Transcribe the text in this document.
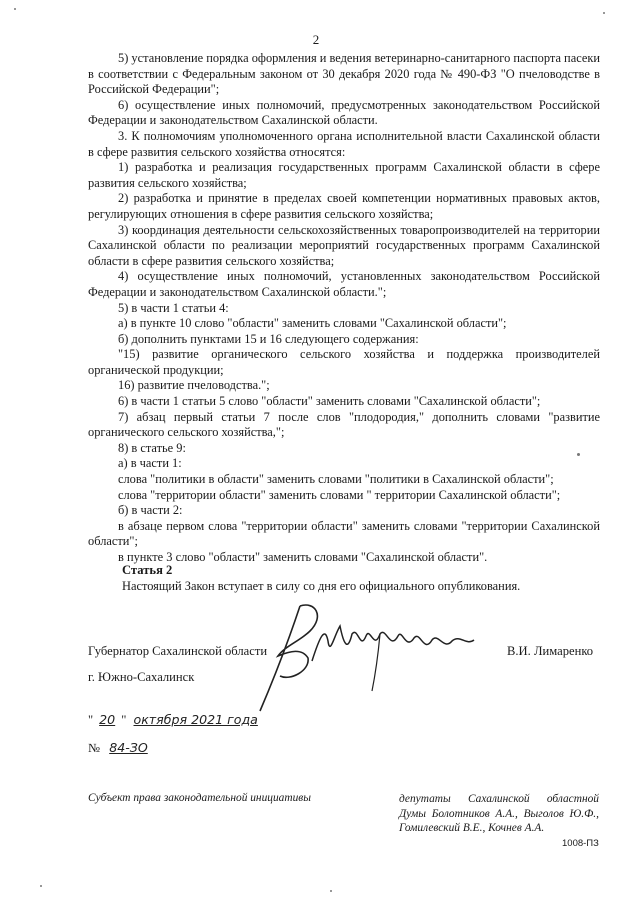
2

5) установление порядка оформления и ведения ветеринарно-санитарного паспорта пасеки в соответствии с Федеральным законом от 30 декабря 2020 года № 490-ФЗ "О пчеловодстве в Российской Федерации";

6) осуществление иных полномочий, предусмотренных законодательством Российской Федерации и законодательством Сахалинской области.

3. К полномочиям уполномоченного органа исполнительной власти Сахалинской области в сфере развития сельского хозяйства относятся:

1) разработка и реализация государственных программ Сахалинской области в сфере развития сельского хозяйства;

2) разработка и принятие в пределах своей компетенции нормативных правовых актов, регулирующих отношения в сфере развития сельского хозяйства;

3) координация деятельности сельскохозяйственных товаропроизводителей на территории Сахалинской области по реализации мероприятий государственных программ Сахалинской области в сфере развития сельского хозяйства;

4) осуществление иных полномочий, установленных законодательством Российской Федерации и законодательством Сахалинской области.";

5) в части 1 статьи 4:

а) в пункте 10 слово "области" заменить словами "Сахалинской области";

б) дополнить пунктами 15 и 16 следующего содержания:

"15) развитие органического сельского хозяйства и поддержка производителей органической продукции;

16) развитие пчеловодства.";

6) в части 1 статьи 5 слово "области" заменить словами "Сахалинской области";

7) абзац первый статьи 7 после слов "плодородия," дополнить словами "развитие органического сельского хозяйства,";

8) в статье 9:

а) в части 1:

слова "политики в области" заменить словами "политики в Сахалинской области";

слова "территории области" заменить словами " территории Сахалинской области";

б) в части 2:

в абзаце первом слова "территории области" заменить словами "территории Сахалинской области";

в пункте 3 слово "области" заменить словами "Сахалинской области".

Статья 2
Настоящий Закон вступает в силу со дня его официального опубликования.
Губернатор Сахалинской области	В.И. Лимаренко
г. Южно-Сахалинск
" 20 " октября 2021 года
№ 84-ЗО
Субъект права законодательной инициативы	депутаты Сахалинской областной Думы Болотников А.А., Выголов Ю.Ф., Гомилевский В.Е., Кочнев А.А.
1008-ПЗ
